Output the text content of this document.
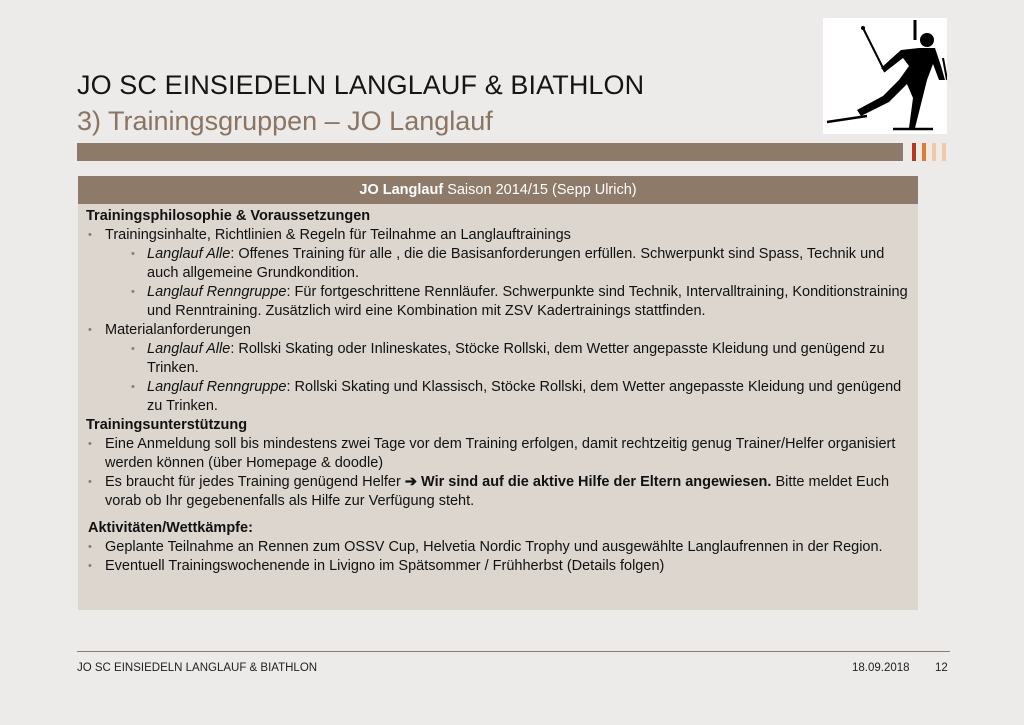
JO SC EINSIEDELN LANGLAUF & BIATHLON
3) Trainingsgruppen – JO Langlauf
JO Langlauf Saison 2014/15 (Sepp Ulrich)
Trainingsphilosophie & Voraussetzungen
• Trainingsinhalte, Richtlinien & Regeln für Teilnahme an Langlauftrainings
• Langlauf Alle: Offenes Training für alle , die die Basisanforderungen erfüllen. Schwerpunkt sind Spass, Technik und auch allgemeine Grundkondition.
• Langlauf Renngruppe: Für fortgeschrittene Rennläufer. Schwerpunkte sind Technik, Intervalltraining, Konditionstraining und Renntraining. Zusätzlich wird eine Kombination mit ZSV Kadertrainings stattfinden.
• Materialanforderungen
• Langlauf Alle: Rollski Skating oder Inlineskates, Stöcke Rollski, dem Wetter angepasste Kleidung und genügend zu Trinken.
• Langlauf Renngruppe: Rollski Skating und Klassisch, Stöcke Rollski, dem Wetter angepasste Kleidung und genügend zu Trinken.
Trainingsunterstützung
• Eine Anmeldung soll bis mindestens zwei Tage vor dem Training erfolgen, damit rechtzeitig genug Trainer/Helfer organisiert werden können (über Homepage & doodle)
• Es braucht für jedes Training genügend Helfer ➔ Wir sind auf die aktive Hilfe der Eltern angewiesen. Bitte meldet Euch vorab ob Ihr gegebenenfalls als Hilfe zur Verfügung steht.
Aktivitäten/Wettkämpfe:
• Geplante Teilnahme an Rennen zum OSSV Cup, Helvetia Nordic Trophy und ausgewählte Langlaufrennen in der Region.
• Eventuell Trainingswochenende in Livigno im Spätsommer / Frühherbst (Details folgen)
JO SC EINSIEDELN LANGLAUF & BIATHLON	18.09.2018 12
